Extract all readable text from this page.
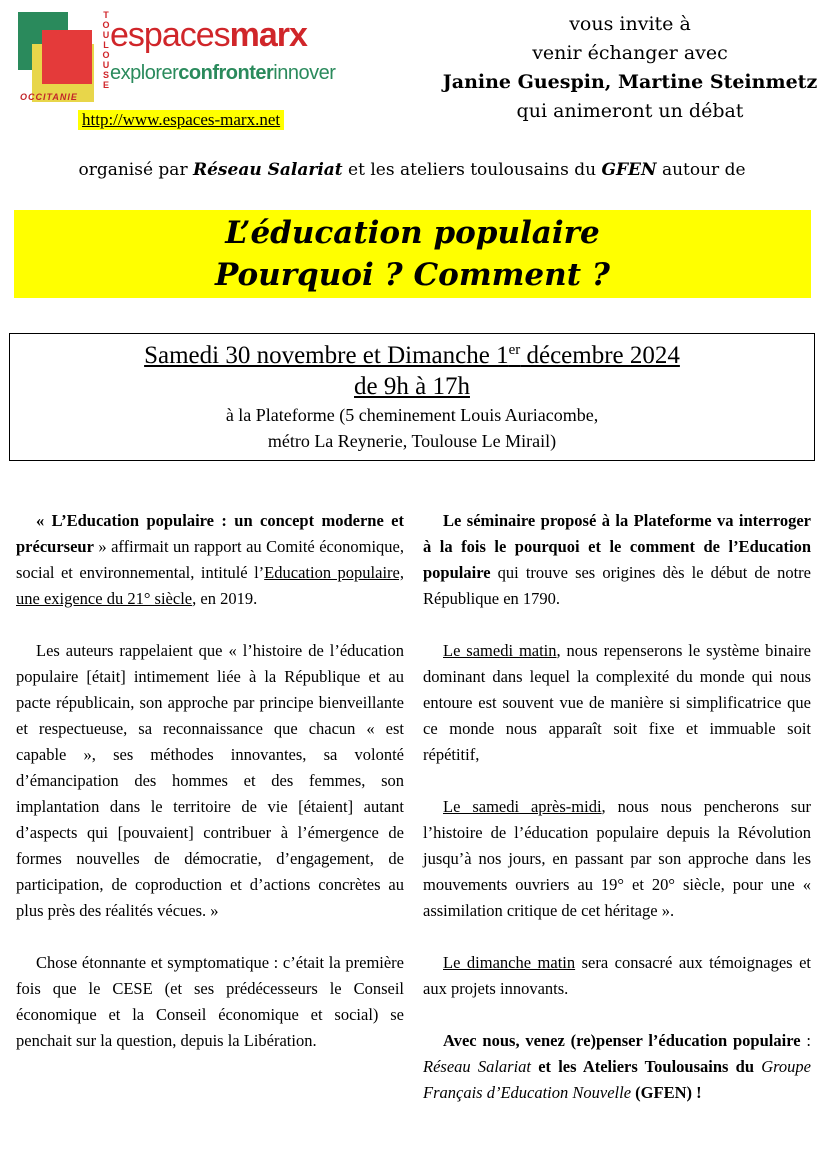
T
O
U
L
O
U
S
E
OCCITANIE
espacesmarx
explorerconfronterinnover
http://www.espaces-marx.net
vous invite à
venir échanger avec
Janine Guespin, Martine Steinmetz
qui animeront un débat
organisé par Réseau Salariat et les ateliers toulousains du GFEN autour de
L’éducation populaire
Pourquoi ? Comment ?
Samedi 30 novembre et Dimanche 1er décembre 2024
de 9h à 17h
à la Plateforme (5 cheminement Louis Auriacombe,
métro La Reynerie, Toulouse Le Mirail)

« L’Education populaire : un concept moderne et précurseur » affirmait un rapport au Comité économique, social et environnemental, intitulé l’Education populaire, une exigence du 21° siècle, en 2019.

Les auteurs rappelaient que « l’histoire de l’éducation populaire [était] intimement liée à la République et au pacte républicain, son approche par principe bienveillante et respectueuse, sa reconnaissance que chacun « est capable », ses méthodes innovantes, sa volonté d’émancipation des hommes et des femmes, son implantation dans le territoire de vie [étaient] autant d’aspects qui [pouvaient] contribuer à l’émergence de formes nouvelles de démocratie, d’engagement, de participation, de coproduction et d’actions concrètes au plus près des réalités vécues. »

Chose étonnante et symptomatique : c’était la première fois que le CESE (et ses prédécesseurs le Conseil économique et la Conseil économique et social) se penchait sur la question, depuis la Libération.

Le séminaire proposé à la Plateforme va interroger à la fois le pourquoi et le comment de l’Education populaire qui trouve ses origines dès le début de notre République en 1790.

Le samedi matin, nous repenserons le système binaire dominant dans lequel la complexité du monde qui nous entoure est souvent vue de manière si simplificatrice que ce monde nous apparaît soit fixe et immuable soit répétitif,

Le samedi après-midi, nous nous pencherons sur l’histoire de l’éducation populaire depuis la Révolution jusqu’à nos jours, en passant par son approche dans les mouvements ouvriers au 19° et 20° siècle, pour une « assimilation critique de cet héritage ».

Le dimanche matin sera consacré aux témoignages et aux projets innovants.

Avec nous, venez (re)penser l’éducation populaire : Réseau Salariat et les Ateliers Toulousains du Groupe Français d’Education Nouvelle (GFEN) !
